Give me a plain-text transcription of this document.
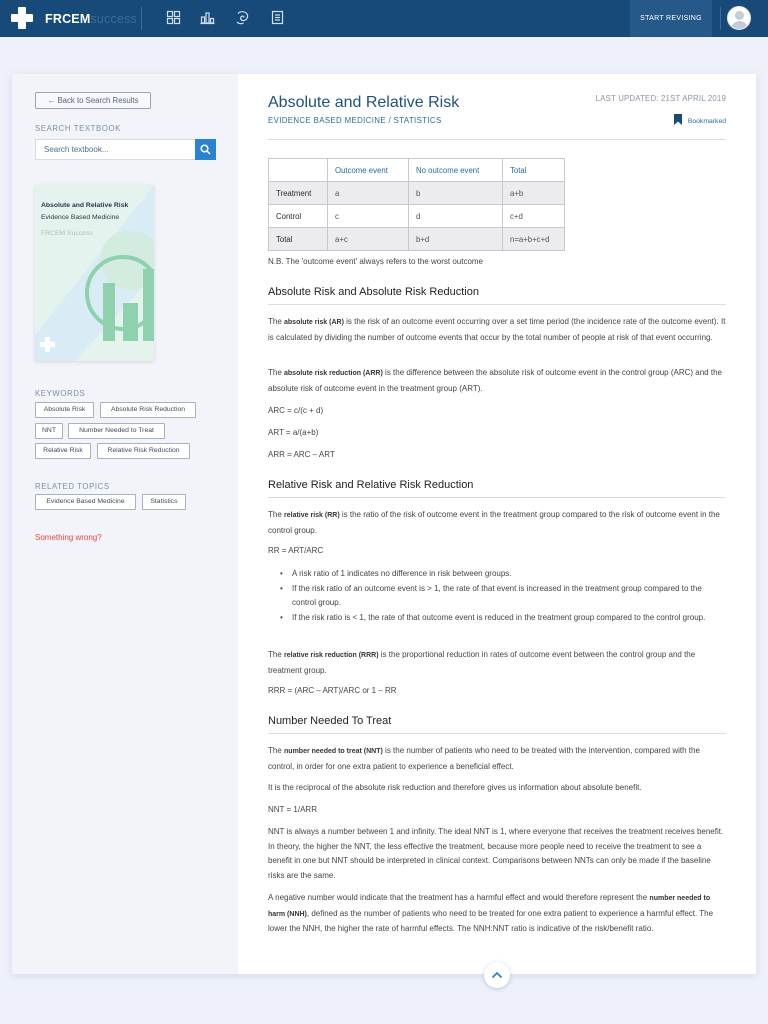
FRCEMsuccess	START REVISING
← Back to Search Results
SEARCH TEXTBOOK
Search textbook...
Absolute and Relative Risk
Evidence Based Medicine
FRCEM Success
KEYWORDS
Absolute Risk	Absolute Risk Reduction
NNT	Number Needed to Treat
Relative Risk	Relative Risk Reduction
RELATED TOPICS
Evidence Based Medicine	Statistics
Something wrong?
Absolute and Relative Risk
EVIDENCE BASED MEDICINE / STATISTICS
LAST UPDATED: 21ST APRIL 2019
Bookmarked
	Outcome event	No outcome event	Total
Treatment	a	b	a+b
Control	c	d	c+d
Total	a+c	b+d	n=a+b+c+d

N.B. The 'outcome event' always refers to the worst outcome

Absolute Risk and Absolute Risk Reduction

The absolute risk (AR) is the risk of an outcome event occurring over a set time period (the incidence rate of the outcome event). It is calculated by dividing the number of outcome events that occur by the total number of people at risk of that event occurring.

The absolute risk reduction (ARR) is the difference between the absolute risk of outcome event in the control group (ARC) and the absolute risk of outcome event in the treatment group (ART).

ARC = c/(c + d)

ART = a/(a+b)

ARR = ARC – ART

Relative Risk and Relative Risk Reduction

The relative risk (RR) is the ratio of the risk of outcome event in the treatment group compared to the risk of outcome event in the control group.

RR = ART/ARC

• A risk ratio of 1 indicates no difference in risk between groups.
• If the risk ratio of an outcome event is > 1, the rate of that event is increased in the treatment group compared to the control group.
• If the risk ratio is < 1, the rate of that outcome event is reduced in the treatment group compared to the control group.

The relative risk reduction (RRR) is the proportional reduction in rates of outcome event between the control group and the treatment group.

RRR = (ARC – ART)/ARC or 1 – RR

Number Needed To Treat

The number needed to treat (NNT) is the number of patients who need to be treated with the intervention, compared with the control, in order for one extra patient to experience a beneficial effect.

It is the reciprocal of the absolute risk reduction and therefore gives us information about absolute benefit.

NNT = 1/ARR

NNT is always a number between 1 and infinity. The ideal NNT is 1, where everyone that receives the treatment receives benefit. In theory, the higher the NNT, the less effective the treatment, because more people need to receive the treatment to see a benefit in one but NNT should be interpreted in clinical context. Comparisons between NNTs can only be made if the baseline risks are the same.

A negative number would indicate that the treatment has a harmful effect and would therefore represent the number needed to harm (NNH), defined as the number of patients who need to be treated for one extra patient to experience a harmful effect. The lower the NNH, the higher the rate of harmful effects. The NNH:NNT ratio is indicative of the risk/benefit ratio.
